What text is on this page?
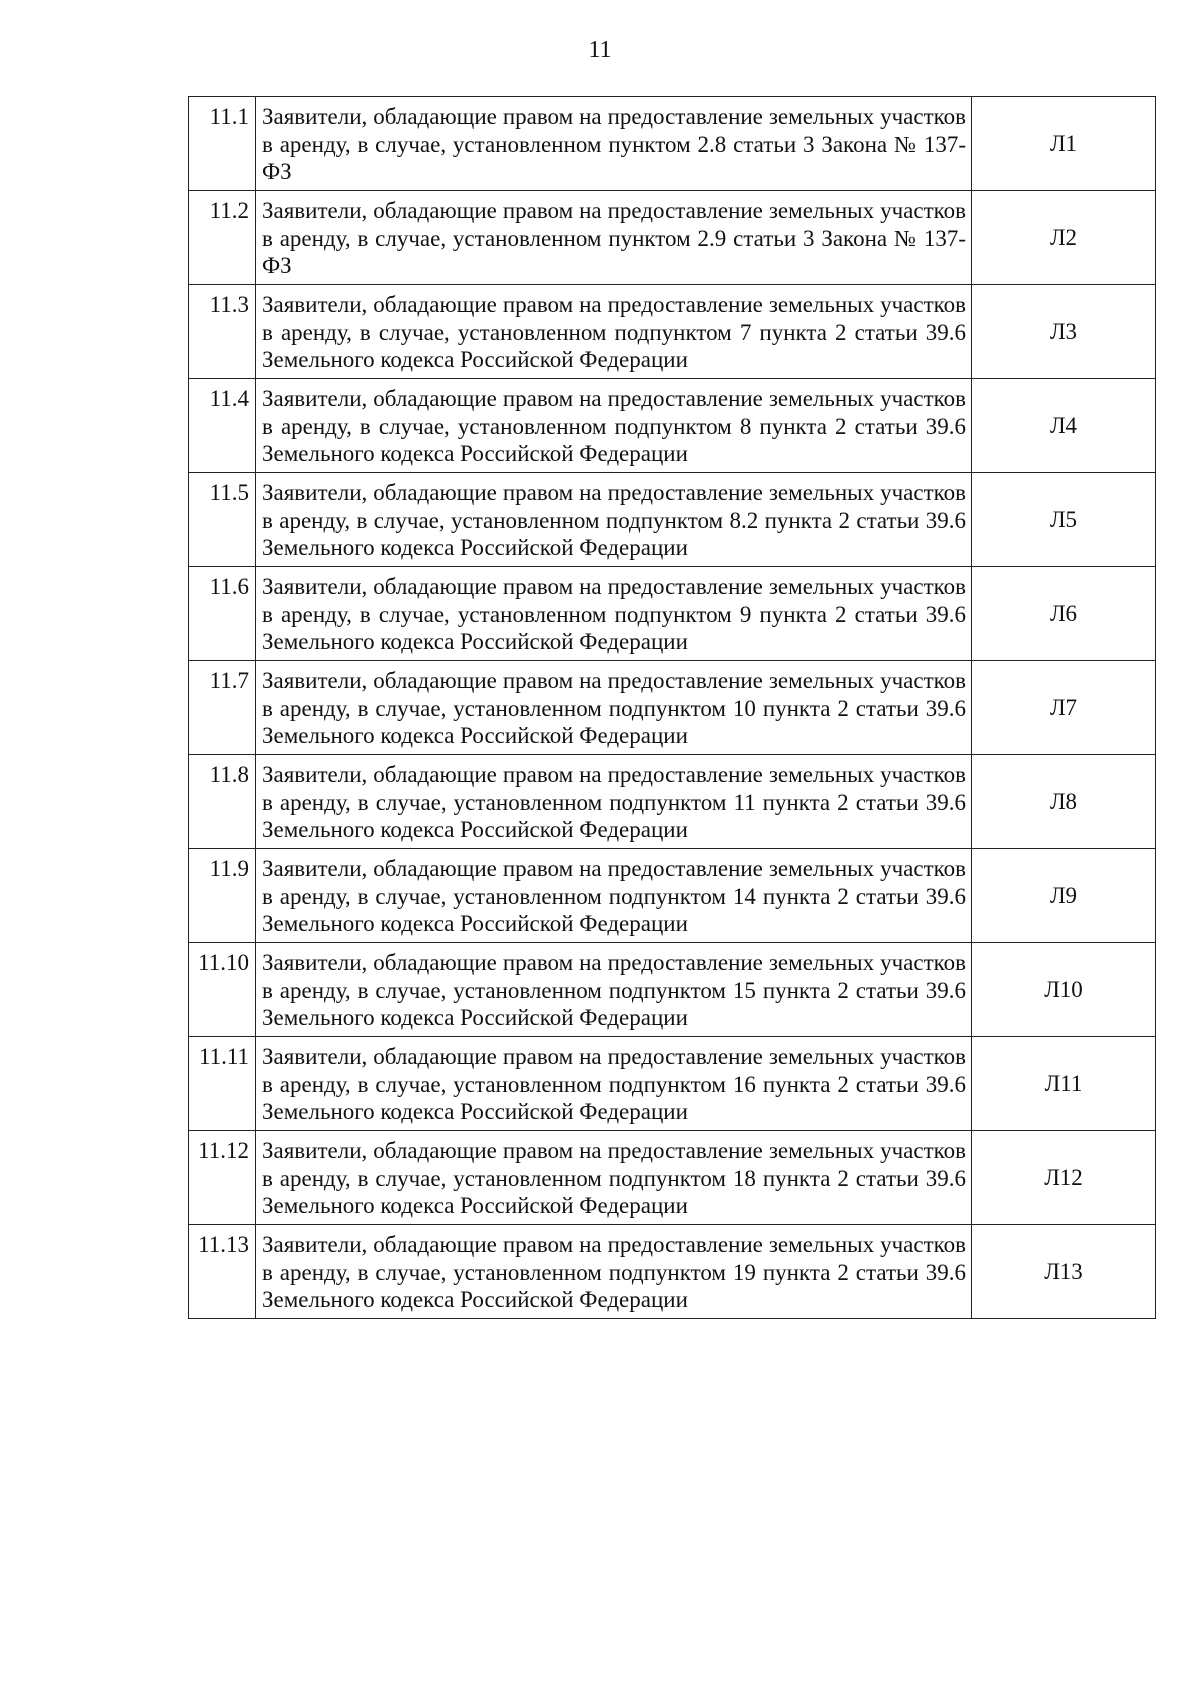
11
11.1	Заявители, обладающие правом на предоставление земельных участков в аренду, в случае, установленном пунктом 2.8 статьи 3 Закона № 137-ФЗ	Л1
11.2	Заявители, обладающие правом на предоставление земельных участков в аренду, в случае, установленном пунктом 2.9 статьи 3 Закона № 137-ФЗ	Л2
11.3	Заявители, обладающие правом на предоставление земельных участков в аренду, в случае, установленном подпунктом 7 пункта 2 статьи 39.6 Земельного кодекса Российской Федерации	Л3
11.4	Заявители, обладающие правом на предоставление земельных участков в аренду, в случае, установленном подпунктом 8 пункта 2 статьи 39.6 Земельного кодекса Российской Федерации	Л4
11.5	Заявители, обладающие правом на предоставление земельных участков в аренду, в случае, установленном подпунктом 8.2 пункта 2 статьи 39.6 Земельного кодекса Российской Федерации	Л5
11.6	Заявители, обладающие правом на предоставление земельных участков в аренду, в случае, установленном подпунктом 9 пункта 2 статьи 39.6 Земельного кодекса Российской Федерации	Л6
11.7	Заявители, обладающие правом на предоставление земельных участков в аренду, в случае, установленном подпунктом 10 пункта 2 статьи 39.6 Земельного кодекса Российской Федерации	Л7
11.8	Заявители, обладающие правом на предоставление земельных участков в аренду, в случае, установленном подпунктом 11 пункта 2 статьи 39.6 Земельного кодекса Российской Федерации	Л8
11.9	Заявители, обладающие правом на предоставление земельных участков в аренду, в случае, установленном подпунктом 14 пункта 2 статьи 39.6 Земельного кодекса Российской Федерации	Л9
11.10	Заявители, обладающие правом на предоставление земельных участков в аренду, в случае, установленном подпунктом 15 пункта 2 статьи 39.6 Земельного кодекса Российской Федерации	Л10
11.11	Заявители, обладающие правом на предоставление земельных участков в аренду, в случае, установленном подпунктом 16 пункта 2 статьи 39.6 Земельного кодекса Российской Федерации	Л11
11.12	Заявители, обладающие правом на предоставление земельных участков в аренду, в случае, установленном подпунктом 18 пункта 2 статьи 39.6 Земельного кодекса Российской Федерации	Л12
11.13	Заявители, обладающие правом на предоставление земельных участков в аренду, в случае, установленном подпунктом 19 пункта 2 статьи 39.6 Земельного кодекса Российской Федерации	Л13
